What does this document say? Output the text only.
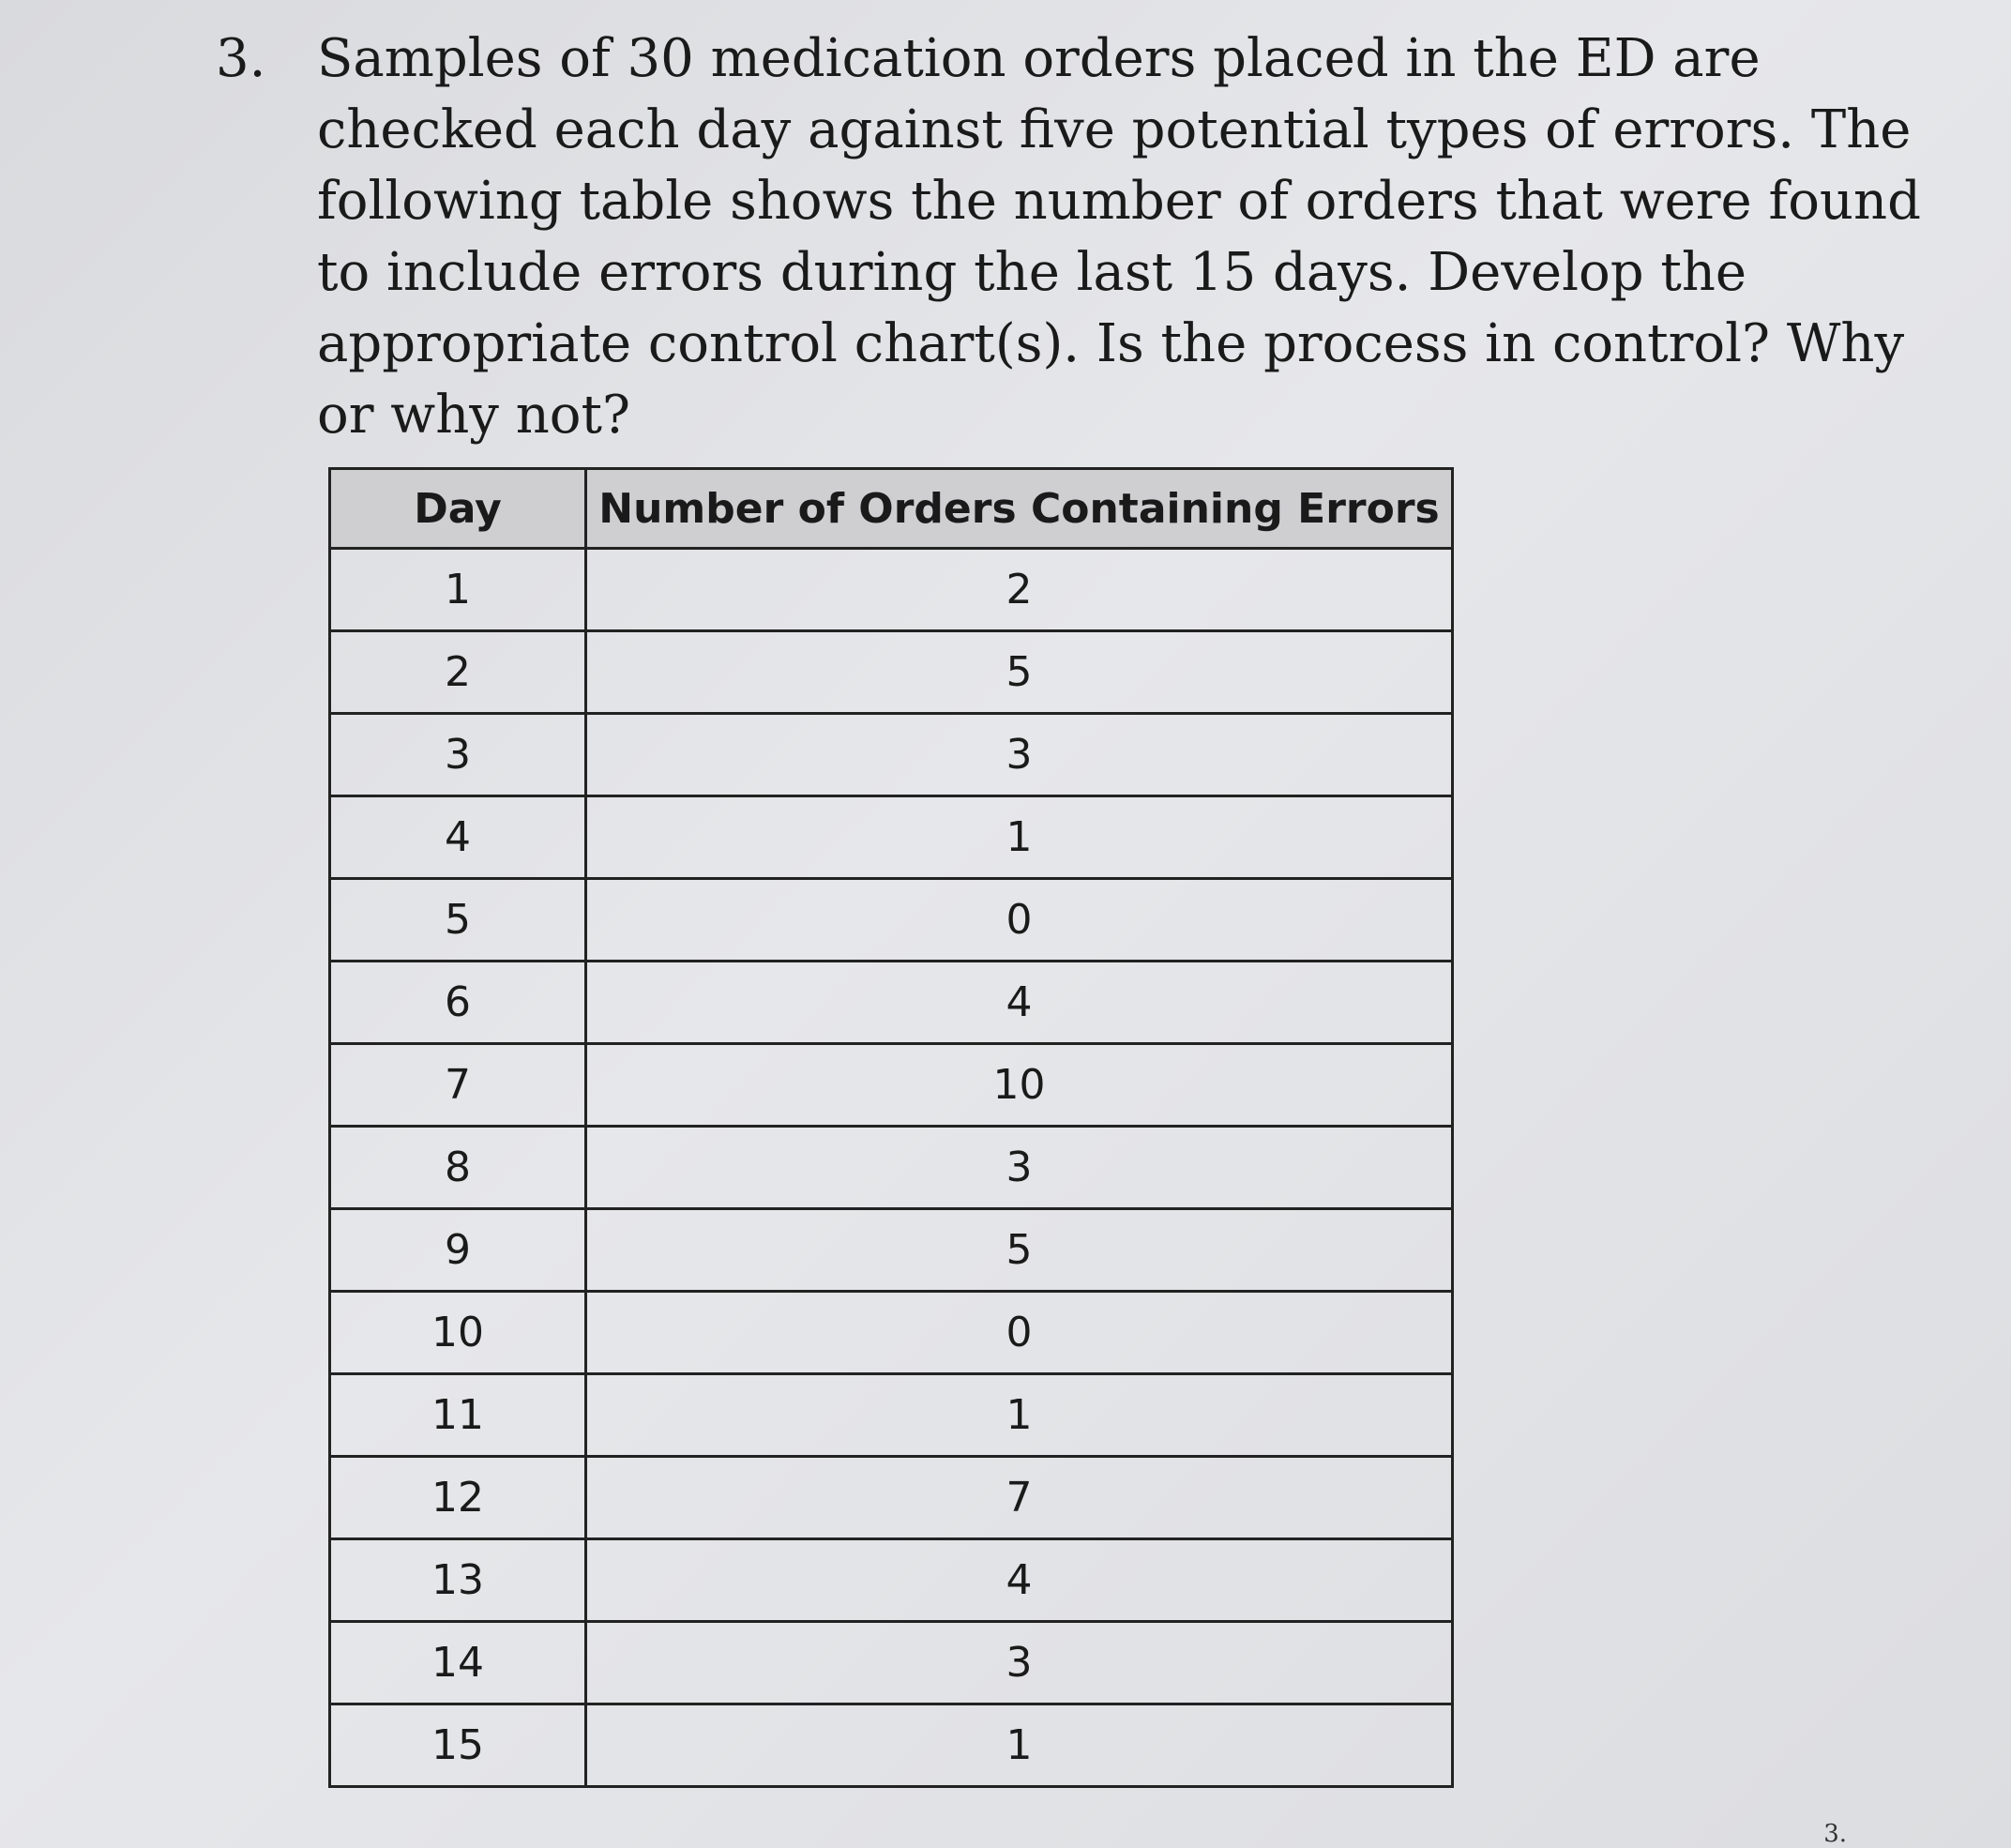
3. Samples of 30 medication orders placed in the ED are checked each day against five potential types of errors. The following table shows the number of orders that were found to include errors during the last 15 days. Develop the appropriate control chart(s). Is the process in control? Why or why not?
Day	Number of Orders Containing Errors
1	2
2	5
3	3
4	1
5	0
6	4
7	10
8	3
9	5
10	0
11	1
12	7
13	4
14	3
15	1
3.
